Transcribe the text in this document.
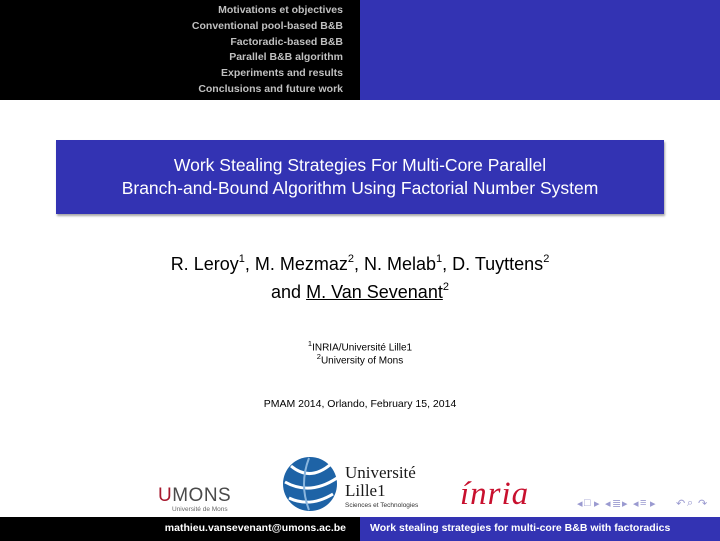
Motivations et objectives
Conventional pool-based B&B
Factoradic-based B&B
Parallel B&B algorithm
Experiments and results
Conclusions and future work
Work Stealing Strategies For Multi-Core Parallel
Branch-and-Bound Algorithm Using Factorial Number System
R. Leroy$^1$, M. Mezmaz$^2$, N. Melab$^1$, D. Tuyttens$^2$
and M. Van Sevenant$^2$
$^1$INRIA/Université Lille1
$^2$University of Mons
PMAM 2014, Orlando, February 15, 2014
UMONS
Université de Mons
Université
Lille1
Sciences et Technologies ínria	◂ □ ▸ ◂ ≣ ▸ ◂ ≡ ▸ ↶ ⌕ ↷
mathieu.vansevenant@umons.ac.be Work stealing strategies for multi-core B&B with factoradics
